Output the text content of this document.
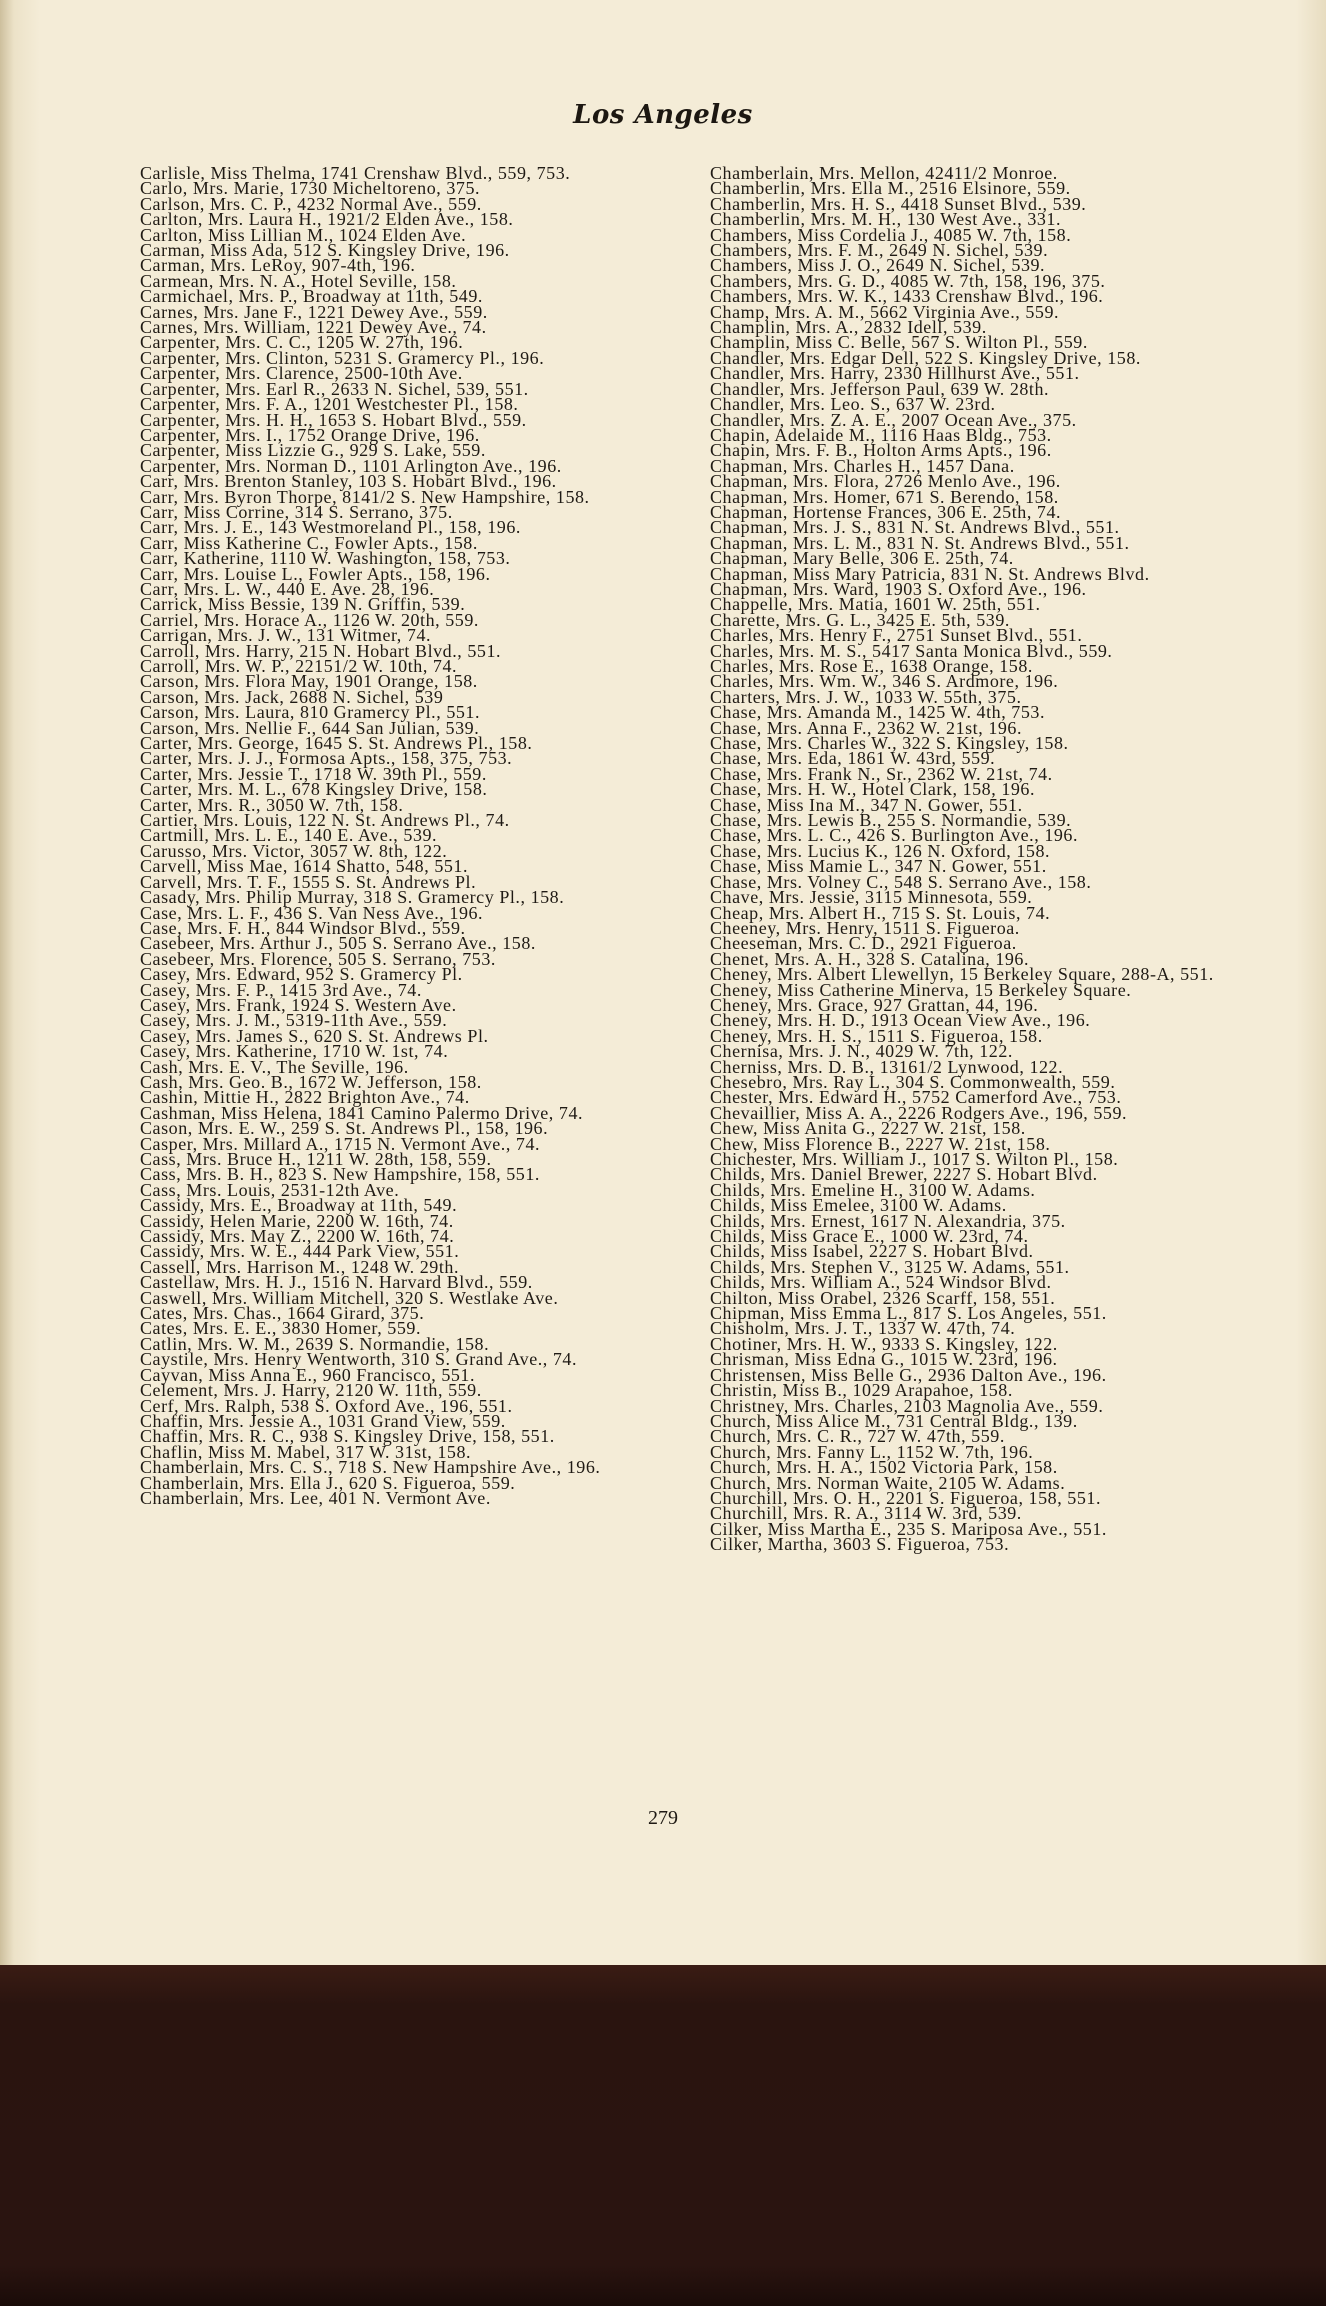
Los Angeles
Carlisle, Miss Thelma, 1741 Crenshaw Blvd., 559, 753.
Carlo, Mrs. Marie, 1730 Micheltoreno, 375.
Carlson, Mrs. C. P., 4232 Normal Ave., 559.
Carlton, Mrs. Laura H., 1921/2 Elden Ave., 158.
Carlton, Miss Lillian M., 1024 Elden Ave.
Carman, Miss Ada, 512 S. Kingsley Drive, 196.
Carman, Mrs. LeRoy, 907-4th, 196.
Carmean, Mrs. N. A., Hotel Seville, 158.
Carmichael, Mrs. P., Broadway at 11th, 549.
Carnes, Mrs. Jane F., 1221 Dewey Ave., 559.
Carnes, Mrs. William, 1221 Dewey Ave., 74.
Carpenter, Mrs. C. C., 1205 W. 27th, 196.
Carpenter, Mrs. Clinton, 5231 S. Gramercy Pl., 196.
Carpenter, Mrs. Clarence, 2500-10th Ave.
Carpenter, Mrs. Earl R., 2633 N. Sichel, 539, 551.
Carpenter, Mrs. F. A., 1201 Westchester Pl., 158.
Carpenter, Mrs. H. H., 1653 S. Hobart Blvd., 559.
Carpenter, Mrs. I., 1752 Orange Drive, 196.
Carpenter, Miss Lizzie G., 929 S. Lake, 559.
Carpenter, Mrs. Norman D., 1101 Arlington Ave., 196.
Carr, Mrs. Brenton Stanley, 103 S. Hobart Blvd., 196.
Carr, Mrs. Byron Thorpe, 8141/2 S. New Hampshire, 158.
Carr, Miss Corrine, 314 S. Serrano, 375.
Carr, Mrs. J. E., 143 Westmoreland Pl., 158, 196.
Carr, Miss Katherine C., Fowler Apts., 158.
Carr, Katherine, 1110 W. Washington, 158, 753.
Carr, Mrs. Louise L., Fowler Apts., 158, 196.
Carr, Mrs. L. W., 440 E. Ave. 28, 196.
Carrick, Miss Bessie, 139 N. Griffin, 539.
Carriel, Mrs. Horace A., 1126 W. 20th, 559.
Carrigan, Mrs. J. W., 131 Witmer, 74.
Carroll, Mrs. Harry, 215 N. Hobart Blvd., 551.
Carroll, Mrs. W. P., 22151/2 W. 10th, 74.
Carson, Mrs. Flora May, 1901 Orange, 158.
Carson, Mrs. Jack, 2688 N. Sichel, 539
Carson, Mrs. Laura, 810 Gramercy Pl., 551.
Carson, Mrs. Nellie F., 644 San Julian, 539.
Carter, Mrs. George, 1645 S. St. Andrews Pl., 158.
Carter, Mrs. J. J., Formosa Apts., 158, 375, 753.
Carter, Mrs. Jessie T., 1718 W. 39th Pl., 559.
Carter, Mrs. M. L., 678 Kingsley Drive, 158.
Carter, Mrs. R., 3050 W. 7th, 158.
Cartier, Mrs. Louis, 122 N. St. Andrews Pl., 74.
Cartmill, Mrs. L. E., 140 E. Ave., 539.
Carusso, Mrs. Victor, 3057 W. 8th, 122.
Carvell, Miss Mae, 1614 Shatto, 548, 551.
Carvell, Mrs. T. F., 1555 S. St. Andrews Pl.
Casady, Mrs. Philip Murray, 318 S. Gramercy Pl., 158.
Case, Mrs. L. F., 436 S. Van Ness Ave., 196.
Case, Mrs. F. H., 844 Windsor Blvd., 559.
Casebeer, Mrs. Arthur J., 505 S. Serrano Ave., 158.
Casebeer, Mrs. Florence, 505 S. Serrano, 753.
Casey, Mrs. Edward, 952 S. Gramercy Pl.
Casey, Mrs. F. P., 1415 3rd Ave., 74.
Casey, Mrs. Frank, 1924 S. Western Ave.
Casey, Mrs. J. M., 5319-11th Ave., 559.
Casey, Mrs. James S., 620 S. St. Andrews Pl.
Casey, Mrs. Katherine, 1710 W. 1st, 74.
Cash, Mrs. E. V., The Seville, 196.
Cash, Mrs. Geo. B., 1672 W. Jefferson, 158.
Cashin, Mittie H., 2822 Brighton Ave., 74.
Cashman, Miss Helena, 1841 Camino Palermo Drive, 74.
Cason, Mrs. E. W., 259 S. St. Andrews Pl., 158, 196.
Casper, Mrs. Millard A., 1715 N. Vermont Ave., 74.
Cass, Mrs. Bruce H., 1211 W. 28th, 158, 559.
Cass, Mrs. B. H., 823 S. New Hampshire, 158, 551.
Cass, Mrs. Louis, 2531-12th Ave.
Cassidy, Mrs. E., Broadway at 11th, 549.
Cassidy, Helen Marie, 2200 W. 16th, 74.
Cassidy, Mrs. May Z., 2200 W. 16th, 74.
Cassidy, Mrs. W. E., 444 Park View, 551.
Cassell, Mrs. Harrison M., 1248 W. 29th.
Castellaw, Mrs. H. J., 1516 N. Harvard Blvd., 559.
Caswell, Mrs. William Mitchell, 320 S. Westlake Ave.
Cates, Mrs. Chas., 1664 Girard, 375.
Cates, Mrs. E. E., 3830 Homer, 559.
Catlin, Mrs. W. M., 2639 S. Normandie, 158.
Caystile, Mrs. Henry Wentworth, 310 S. Grand Ave., 74.
Cayvan, Miss Anna E., 960 Francisco, 551.
Celement, Mrs. J. Harry, 2120 W. 11th, 559.
Cerf, Mrs. Ralph, 538 S. Oxford Ave., 196, 551.
Chaffin, Mrs. Jessie A., 1031 Grand View, 559.
Chaffin, Mrs. R. C., 938 S. Kingsley Drive, 158, 551.
Chaflin, Miss M. Mabel, 317 W. 31st, 158.
Chamberlain, Mrs. C. S., 718 S. New Hampshire Ave., 196.
Chamberlain, Mrs. Ella J., 620 S. Figueroa, 559.
Chamberlain, Mrs. Lee, 401 N. Vermont Ave.
Chamberlain, Mrs. Mellon, 42411/2 Monroe.
Chamberlin, Mrs. Ella M., 2516 Elsinore, 559.
Chamberlin, Mrs. H. S., 4418 Sunset Blvd., 539.
Chamberlin, Mrs. M. H., 130 West Ave., 331.
Chambers, Miss Cordelia J., 4085 W. 7th, 158.
Chambers, Mrs. F. M., 2649 N. Sichel, 539.
Chambers, Miss J. O., 2649 N. Sichel, 539.
Chambers, Mrs. G. D., 4085 W. 7th, 158, 196, 375.
Chambers, Mrs. W. K., 1433 Crenshaw Blvd., 196.
Champ, Mrs. A. M., 5662 Virginia Ave., 559.
Champlin, Mrs. A., 2832 Idell, 539.
Champlin, Miss C. Belle, 567 S. Wilton Pl., 559.
Chandler, Mrs. Edgar Dell, 522 S. Kingsley Drive, 158.
Chandler, Mrs. Harry, 2330 Hillhurst Ave., 551.
Chandler, Mrs. Jefferson Paul, 639 W. 28th.
Chandler, Mrs. Leo. S., 637 W. 23rd.
Chandler, Mrs. Z. A. E., 2007 Ocean Ave., 375.
Chapin, Adelaide M., 1116 Haas Bldg., 753.
Chapin, Mrs. F. B., Holton Arms Apts., 196.
Chapman, Mrs. Charles H., 1457 Dana.
Chapman, Mrs. Flora, 2726 Menlo Ave., 196.
Chapman, Mrs. Homer, 671 S. Berendo, 158.
Chapman, Hortense Frances, 306 E. 25th, 74.
Chapman, Mrs. J. S., 831 N. St. Andrews Blvd., 551.
Chapman, Mrs. L. M., 831 N. St. Andrews Blvd., 551.
Chapman, Mary Belle, 306 E. 25th, 74.
Chapman, Miss Mary Patricia, 831 N. St. Andrews Blvd.
Chapman, Mrs. Ward, 1903 S. Oxford Ave., 196.
Chappelle, Mrs. Matia, 1601 W. 25th, 551.
Charette, Mrs. G. L., 3425 E. 5th, 539.
Charles, Mrs. Henry F., 2751 Sunset Blvd., 551.
Charles, Mrs. M. S., 5417 Santa Monica Blvd., 559.
Charles, Mrs. Rose E., 1638 Orange, 158.
Charles, Mrs. Wm. W., 346 S. Ardmore, 196.
Charters, Mrs. J. W., 1033 W. 55th, 375.
Chase, Mrs. Amanda M., 1425 W. 4th, 753.
Chase, Mrs. Anna F., 2362 W. 21st, 196.
Chase, Mrs. Charles W., 322 S. Kingsley, 158.
Chase, Mrs. Eda, 1861 W. 43rd, 559.
Chase, Mrs. Frank N., Sr., 2362 W. 21st, 74.
Chase, Mrs. H. W., Hotel Clark, 158, 196.
Chase, Miss Ina M., 347 N. Gower, 551.
Chase, Mrs. Lewis B., 255 S. Normandie, 539.
Chase, Mrs. L. C., 426 S. Burlington Ave., 196.
Chase, Mrs. Lucius K., 126 N. Oxford, 158.
Chase, Miss Mamie L., 347 N. Gower, 551.
Chase, Mrs. Volney C., 548 S. Serrano Ave., 158.
Chave, Mrs. Jessie, 3115 Minnesota, 559.
Cheap, Mrs. Albert H., 715 S. St. Louis, 74.
Cheeney, Mrs. Henry, 1511 S. Figueroa.
Cheeseman, Mrs. C. D., 2921 Figueroa.
Chenet, Mrs. A. H., 328 S. Catalina, 196.
Cheney, Mrs. Albert Llewellyn, 15 Berkeley Square, 288-A, 551.
Cheney, Miss Catherine Minerva, 15 Berkeley Square.
Cheney, Mrs. Grace, 927 Grattan, 44, 196.
Cheney, Mrs. H. D., 1913 Ocean View Ave., 196.
Cheney, Mrs. H. S., 1511 S. Figueroa, 158.
Chernisa, Mrs. J. N., 4029 W. 7th, 122.
Cherniss, Mrs. D. B., 13161/2 Lynwood, 122.
Chesebro, Mrs. Ray L., 304 S. Commonwealth, 559.
Chester, Mrs. Edward H., 5752 Camerford Ave., 753.
Chevaillier, Miss A. A., 2226 Rodgers Ave., 196, 559.
Chew, Miss Anita G., 2227 W. 21st, 158.
Chew, Miss Florence B., 2227 W. 21st, 158.
Chichester, Mrs. William J., 1017 S. Wilton Pl., 158.
Childs, Mrs. Daniel Brewer, 2227 S. Hobart Blvd.
Childs, Mrs. Emeline H., 3100 W. Adams.
Childs, Miss Emelee, 3100 W. Adams.
Childs, Mrs. Ernest, 1617 N. Alexandria, 375.
Childs, Miss Grace E., 1000 W. 23rd, 74.
Childs, Miss Isabel, 2227 S. Hobart Blvd.
Childs, Mrs. Stephen V., 3125 W. Adams, 551.
Childs, Mrs. William A., 524 Windsor Blvd.
Chilton, Miss Orabel, 2326 Scarff, 158, 551.
Chipman, Miss Emma L., 817 S. Los Angeles, 551.
Chisholm, Mrs. J. T., 1337 W. 47th, 74.
Chotiner, Mrs. H. W., 9333 S. Kingsley, 122.
Chrisman, Miss Edna G., 1015 W. 23rd, 196.
Christensen, Miss Belle G., 2936 Dalton Ave., 196.
Christin, Miss B., 1029 Arapahoe, 158.
Christney, Mrs. Charles, 2103 Magnolia Ave., 559.
Church, Miss Alice M., 731 Central Bldg., 139.
Church, Mrs. C. R., 727 W. 47th, 559.
Church, Mrs. Fanny L., 1152 W. 7th, 196.
Church, Mrs. H. A., 1502 Victoria Park, 158.
Church, Mrs. Norman Waite, 2105 W. Adams.
Churchill, Mrs. O. H., 2201 S. Figueroa, 158, 551.
Churchill, Mrs. R. A., 3114 W. 3rd, 539.
Cilker, Miss Martha E., 235 S. Mariposa Ave., 551.
Cilker, Martha, 3603 S. Figueroa, 753.
279
